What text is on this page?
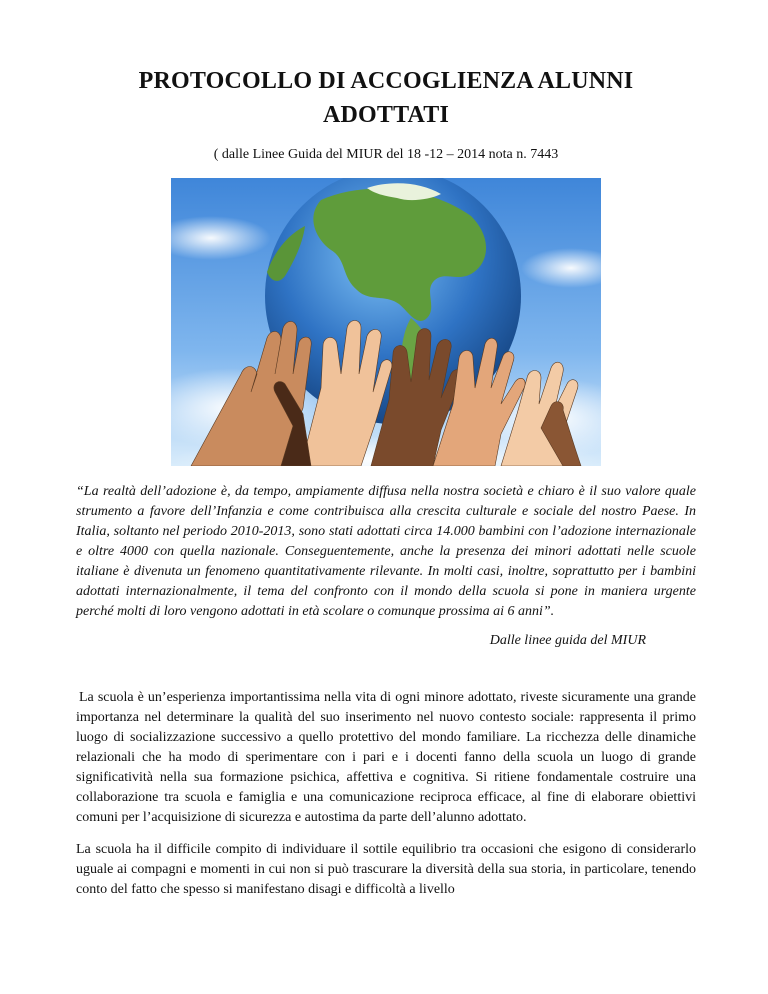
PROTOCOLLO DI ACCOGLIENZA ALUNNI ADOTTATI

( dalle Linee Guida del MIUR del 18 -12 – 2014 nota n. 7443

“La realtà dell’adozione è, da tempo, ampiamente diffusa nella nostra società e chiaro è il suo valore quale strumento a favore dell’Infanzia e come contribuisca alla crescita culturale e sociale del nostro Paese. In Italia, soltanto nel periodo 2010-2013, sono stati adottati circa 14.000 bambini con l’adozione internazionale e oltre 4000 con quella nazionale. Conseguentemente, anche la presenza dei minori adottati nelle scuole italiane è divenuta un fenomeno quantitativamente rilevante. In molti casi, inoltre, soprattutto per i bambini adottati internazionalmente, il tema del confronto con il mondo della scuola si pone in maniera urgente perché molti di loro vengono adottati in età scolare o comunque prossima ai 6 anni”.

Dalle linee guida del MIUR

La scuola è un’esperienza importantissima nella vita di ogni minore adottato, riveste sicuramente una grande importanza nel determinare la qualità del suo inserimento nel nuovo contesto sociale: rappresenta il primo luogo di socializzazione successivo a quello protettivo del mondo familiare. La ricchezza delle dinamiche relazionali che ha modo di sperimentare con i pari e i docenti fanno della scuola un luogo di grande significatività nella sua formazione psichica, affettiva e cognitiva. Si ritiene fondamentale costruire una collaborazione tra scuola e famiglia e una comunicazione reciproca efficace, al fine di elaborare obiettivi comuni per l’acquisizione di sicurezza e autostima da parte dell’alunno adottato.

La scuola ha il difficile compito di individuare il sottile equilibrio tra occasioni che esigono di considerarlo uguale ai compagni e momenti in cui non si può trascurare la diversità della sua storia, in particolare, tenendo conto del fatto che spesso si manifestano disagi e difficoltà a livello
